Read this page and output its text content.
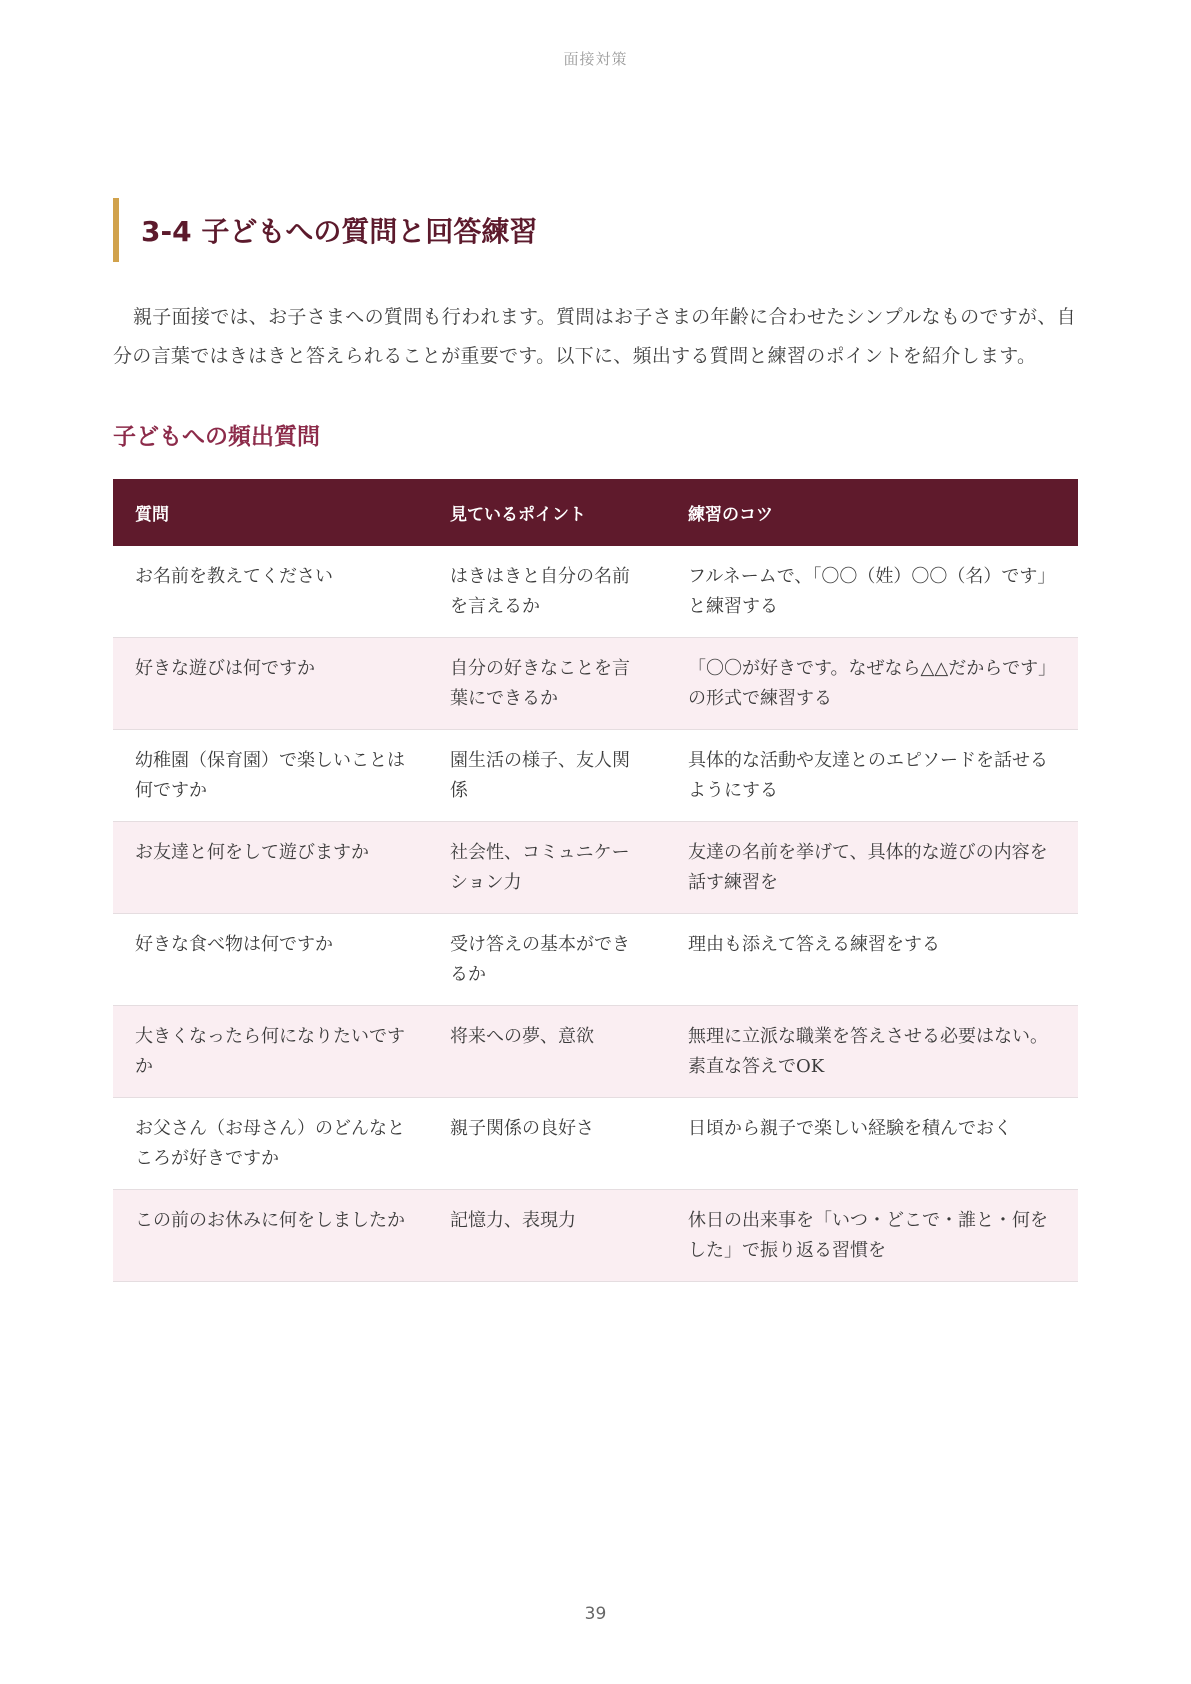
面接対策
3-4 子どもへの質問と回答練習

親子面接では、お子さまへの質問も行われます。質問はお子さまの年齢に合わせたシンプルなものですが、自分の言葉ではきはきと答えられることが重要です。以下に、頻出する質問と練習のポイントを紹介します。

子どもへの頻出質問
質問	見ているポイント	練習のコツ
お名前を教えてください	はきはきと自分の名前を言えるか	フルネームで、「〇〇（姓）〇〇（名）です」と練習する
好きな遊びは何ですか	自分の好きなことを言葉にできるか	「〇〇が好きです。なぜなら△△だからです」の形式で練習する
幼稚園（保育園）で楽しいことは何ですか	園生活の様子、友人関係	具体的な活動や友達とのエピソードを話せるようにする
お友達と何をして遊びますか	社会性、コミュニケーション力	友達の名前を挙げて、具体的な遊びの内容を話す練習を
好きな食べ物は何ですか	受け答えの基本ができるか	理由も添えて答える練習をする
大きくなったら何になりたいですか	将来への夢、意欲	無理に立派な職業を答えさせる必要はない。素直な答えでOK
お父さん（お母さん）のどんなところが好きですか	親子関係の良好さ	日頃から親子で楽しい経験を積んでおく
この前のお休みに何をしましたか	記憶力、表現力	休日の出来事を「いつ・どこで・誰と・何をした」で振り返る習慣を
39
